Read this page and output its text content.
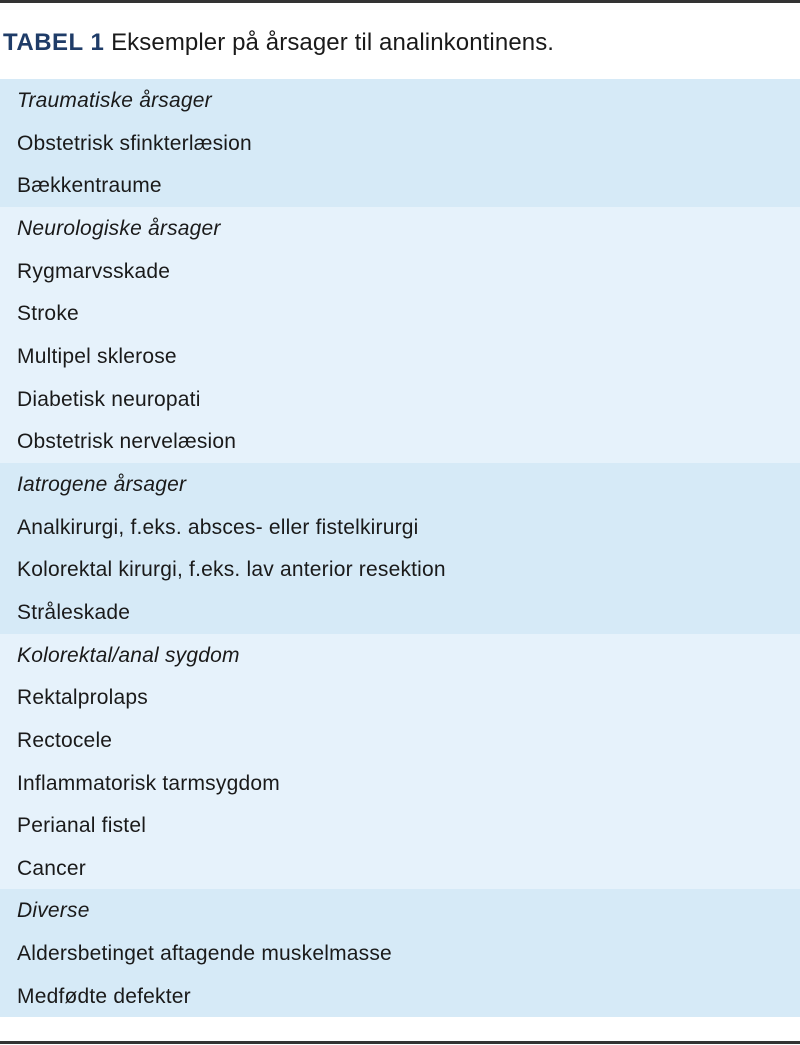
TABEL 1 Eksempler på årsager til analinkontinens.
Traumatiske årsager
Obstetrisk sfinkterlæsion
Bækkentraume
Neurologiske årsager
Rygmarvsskade
Stroke
Multipel sklerose
Diabetisk neuropati
Obstetrisk nervelæsion
Iatrogene årsager
Analkirurgi, f.eks. absces- eller fistelkirurgi
Kolorektal kirurgi, f.eks. lav anterior resektion
Stråleskade
Kolorektal/anal sygdom
Rektalprolaps
Rectocele
Inflammatorisk tarmsygdom
Perianal fistel
Cancer
Diverse
Aldersbetinget aftagende muskelmasse
Medfødte defekter
